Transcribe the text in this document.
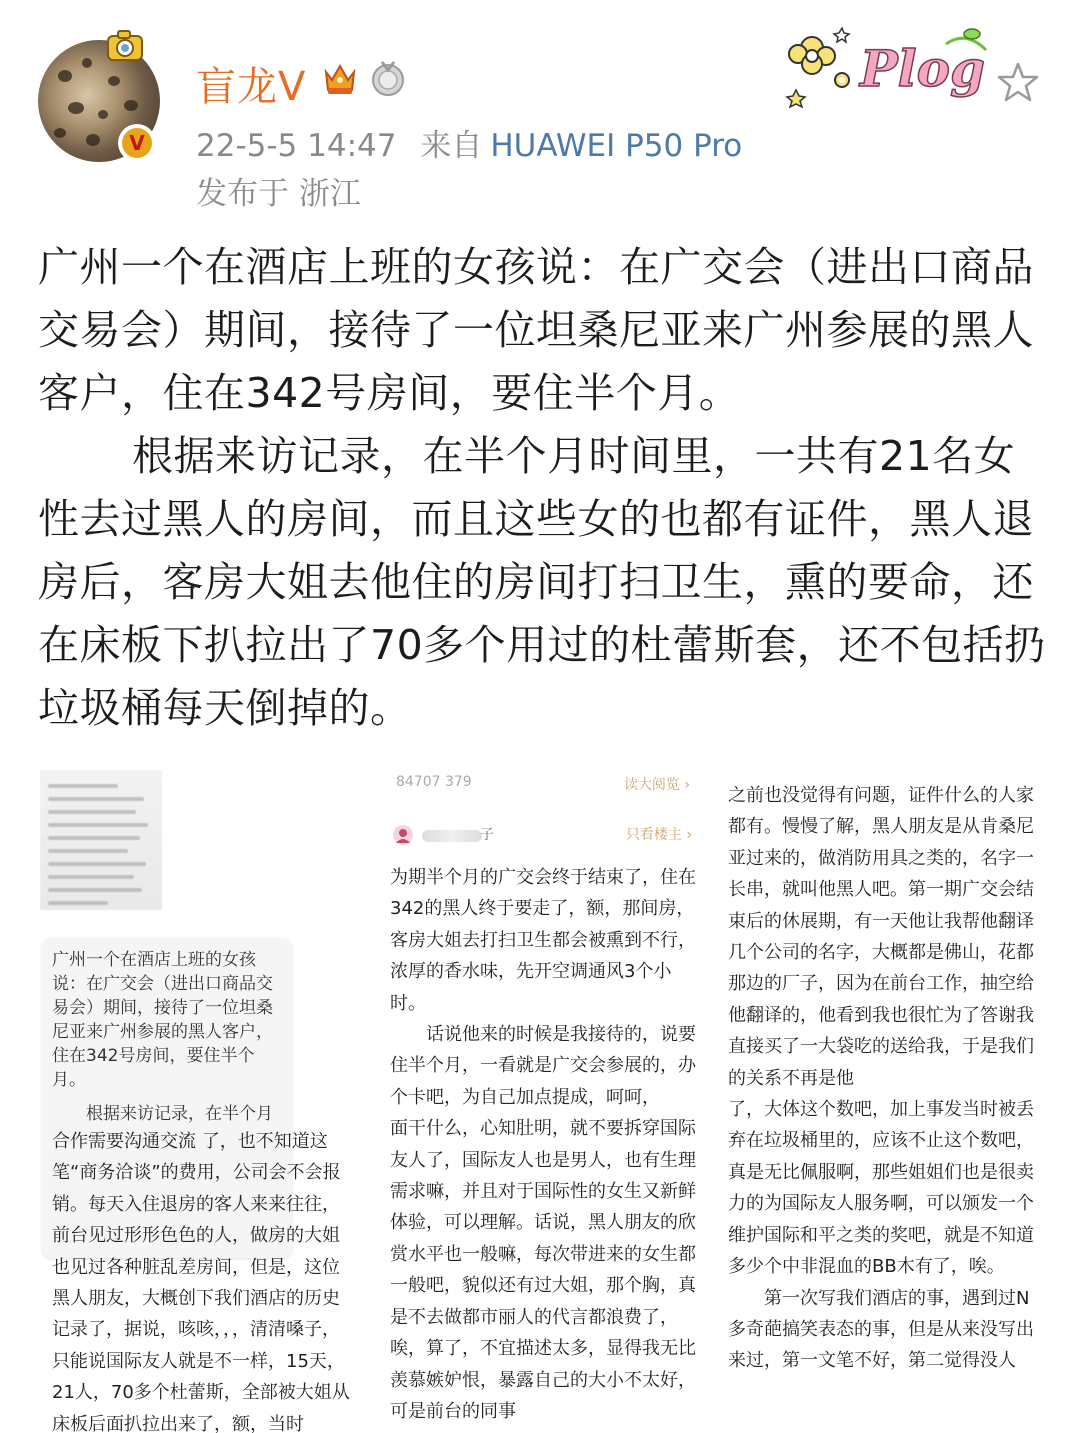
V
盲龙V
22-5-5 14:47 来自 HUAWEI P50 Pro
发布于 浙江
Plog

广州一个在酒店上班的女孩说：在广交会（进出口商品交易会）期间，接待了一位坦桑尼亚来广州参展的黑人客户，住在342号房间，要住半个月。

根据来访记录，在半个月时间里，一共有21名女性去过黑人的房间，而且这些女的也都有证件，黑人退房后，客房大姐去他住的房间打扫卫生，熏的要命，还在床板下扒拉出了70多个用过的杜蕾斯套，还不包括扔垃圾桶每天倒掉的。

广州一个在酒店上班的女孩说：在广交会（进出口商品交易会）期间，接待了一位坦桑尼亚来广州参展的黑人客户，住在342号房间，要住半个月。

根据来访记录，在半个月

合作需要沟通交流 了，也不知道这笔“商务洽谈”的费用，公司会不会报销。每天入住退房的客人来来往往，前台见过形形色色的人，做房的大姐也见过各种脏乱差房间，但是，这位黑人朋友，大概创下我们酒店的历史记录了，据说，咳咳，，，清清嗓子，只能说国际友人就是不一样，15天，21人，70多个杜蕾斯，全部被大姐从床板后面扒拉出来了，额，当时

84707 379	读大阅览 ›
子	只看楼主 ›

为期半个月的广交会终于结束了，住在342的黑人终于要走了，额，那间房，客房大姐去打扫卫生都会被熏到不行，浓厚的香水味，先开空调通风3个小时。

话说他来的时候是我接待的，说要住半个月，一看就是广交会参展的，办个卡吧，为自己加点提成，呵呵，

面干什么，心知肚明，就不要拆穿国际友人了，国际友人也是男人，也有生理需求嘛，并且对于国际性的女生又新鲜体验，可以理解。话说，黑人朋友的欣赏水平也一般嘛，每次带进来的女生都一般吧，貌似还有过大姐，那个胸，真是不去做都市丽人的代言都浪费了，唉，算了，不宜描述太多，显得我无比羡慕嫉妒恨，暴露自己的大小不太好，可是前台的同事

之前也没觉得有问题，证件什么的人家都有。慢慢了解，黑人朋友是从肯桑尼亚过来的，做消防用具之类的，名字一长串，就叫他黑人吧。第一期广交会结束后的休展期，有一天他让我帮他翻译几个公司的名字，大概都是佛山，花都那边的厂子，因为在前台工作，抽空给他翻译的，他看到我也很忙为了答谢我直接买了一大袋吃的送给我，于是我们的关系不再是他

了，大体这个数吧，加上事发当时被丢弃在垃圾桶里的，应该不止这个数吧，真是无比佩服啊，那些姐姐们也是很卖力的为国际友人服务啊，可以颁发一个维护国际和平之类的奖吧，就是不知道多少个中非混血的BB木有了，唉。

第一次写我们酒店的事，遇到过N多奇葩搞笑表态的事，但是从来没写出来过，第一文笔不好，第二觉得没人
